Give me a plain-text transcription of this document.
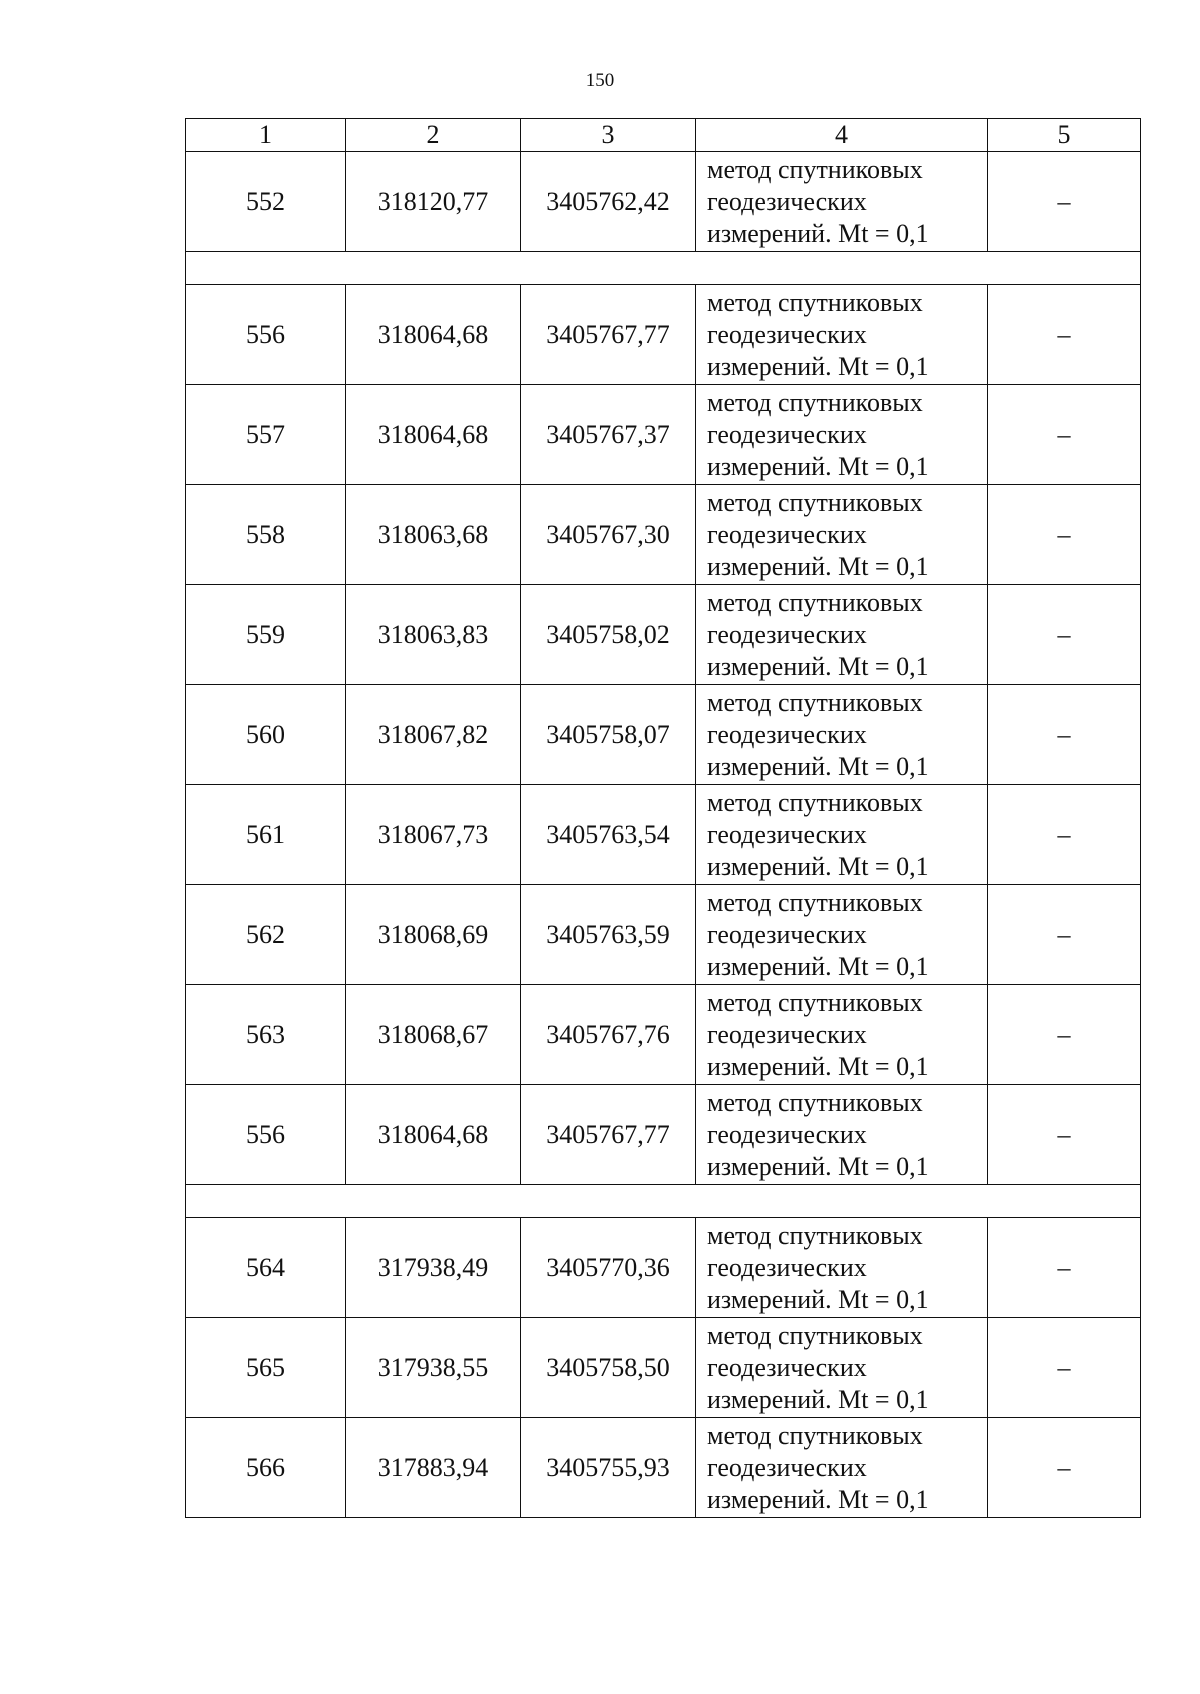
150
1	2	3	4	5
552	318120,77	3405762,42	метод спутниковых
геодезических
измерений. Mt = 0,1	–

556	318064,68	3405767,77	метод спутниковых
геодезических
измерений. Mt = 0,1	–
557	318064,68	3405767,37	метод спутниковых
геодезических
измерений. Mt = 0,1	–
558	318063,68	3405767,30	метод спутниковых
геодезических
измерений. Mt = 0,1	–
559	318063,83	3405758,02	метод спутниковых
геодезических
измерений. Mt = 0,1	–
560	318067,82	3405758,07	метод спутниковых
геодезических
измерений. Mt = 0,1	–
561	318067,73	3405763,54	метод спутниковых
геодезических
измерений. Mt = 0,1	–
562	318068,69	3405763,59	метод спутниковых
геодезических
измерений. Mt = 0,1	–
563	318068,67	3405767,76	метод спутниковых
геодезических
измерений. Mt = 0,1	–
556	318064,68	3405767,77	метод спутниковых
геодезических
измерений. Mt = 0,1	–

564	317938,49	3405770,36	метод спутниковых
геодезических
измерений. Mt = 0,1	–
565	317938,55	3405758,50	метод спутниковых
геодезических
измерений. Mt = 0,1	–
566	317883,94	3405755,93	метод спутниковых
геодезических
измерений. Mt = 0,1	–
